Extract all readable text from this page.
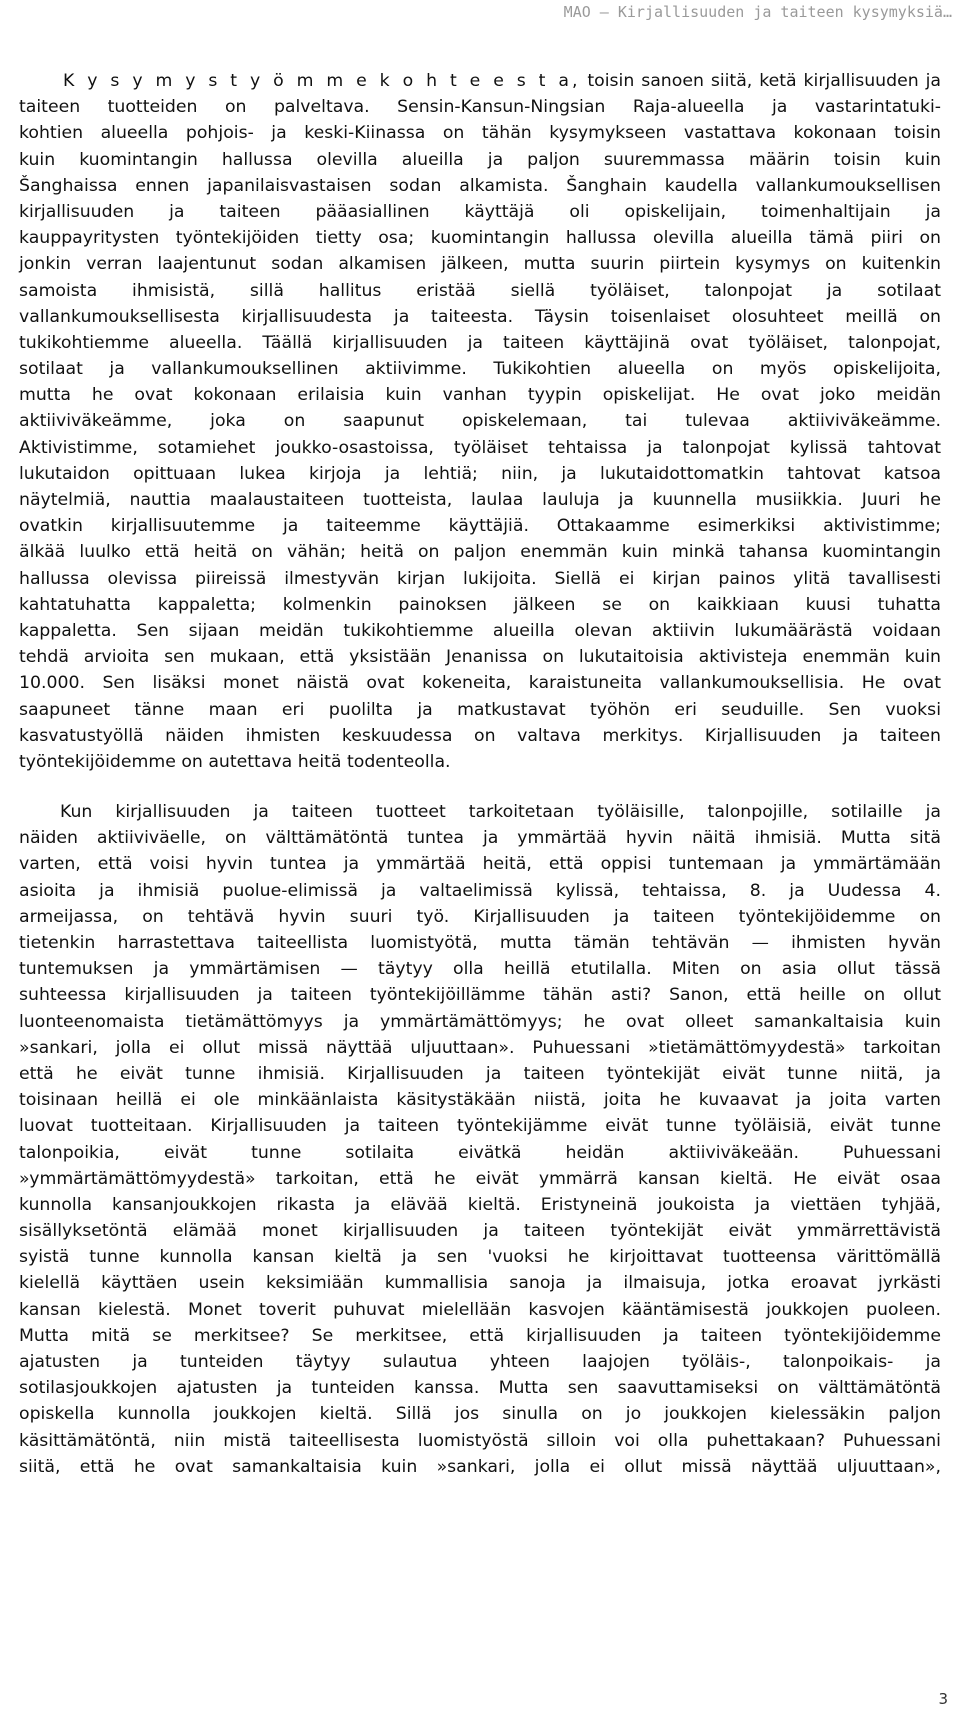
MAO – Kirjallisuuden ja taiteen kysymyksiä…
K y s y m y s t y ö m m e k o h t e e s t a, toisin sanoen siitä, ketä kirjallisuuden ja
taiteen tuotteiden on palveltava. Sensin-Kansun-Ningsian Raja-alueella ja vastarintatuki-
kohtien alueella pohjois- ja keski-Kiinassa on tähän kysymykseen vastattava kokonaan toisin
kuin kuomintangin hallussa olevilla alueilla ja paljon suuremmassa määrin toisin kuin
Šanghaissa ennen japanilaisvastaisen sodan alkamista. Šanghain kaudella vallankumouksellisen
kirjallisuuden ja taiteen pääasiallinen käyttäjä oli opiskelijain, toimenhaltijain ja
kauppayritysten työntekijöiden tietty osa; kuomintangin hallussa olevilla alueilla tämä piiri on
jonkin verran laajentunut sodan alkamisen jälkeen, mutta suurin piirtein kysymys on kuitenkin
samoista ihmisistä, sillä hallitus eristää siellä työläiset, talonpojat ja sotilaat
vallankumouksellisesta kirjallisuudesta ja taiteesta. Täysin toisenlaiset olosuhteet meillä on
tukikohtiemme alueella. Täällä kirjallisuuden ja taiteen käyttäjinä ovat työläiset, talonpojat,
sotilaat ja vallankumouksellinen aktiivimme. Tukikohtien alueella on myös opiskelijoita,
mutta he ovat kokonaan erilaisia kuin vanhan tyypin opiskelijat. He ovat joko meidän
aktiiviväkeämme, joka on saapunut opiskelemaan, tai tulevaa aktiiviväkeämme.
Aktivistimme, sotamiehet joukko-osastoissa, työläiset tehtaissa ja talonpojat kylissä tahtovat
lukutaidon opittuaan lukea kirjoja ja lehtiä; niin, ja lukutaidottomatkin tahtovat katsoa
näytelmiä, nauttia maalaustaiteen tuotteista, laulaa lauluja ja kuunnella musiikkia. Juuri he
ovatkin kirjallisuutemme ja taiteemme käyttäjiä. Ottakaamme esimerkiksi aktivistimme;
älkää luulko että heitä on vähän; heitä on paljon enemmän kuin minkä tahansa kuomintangin
hallussa olevissa piireissä ilmestyvän kirjan lukijoita. Siellä ei kirjan painos ylitä tavallisesti
kahtatuhatta kappaletta; kolmenkin painoksen jälkeen se on kaikkiaan kuusi tuhatta
kappaletta. Sen sijaan meidän tukikohtiemme alueilla olevan aktiivin lukumäärästä voidaan
tehdä arvioita sen mukaan, että yksistään Jenanissa on lukutaitoisia aktivisteja enemmän kuin
10.000. Sen lisäksi monet näistä ovat kokeneita, karaistuneita vallankumouksellisia. He ovat
saapuneet tänne maan eri puolilta ja matkustavat työhön eri seuduille. Sen vuoksi
kasvatustyöllä näiden ihmisten keskuudessa on valtava merkitys. Kirjallisuuden ja taiteen
työntekijöidemme on autettava heitä todenteolla.
Kun kirjallisuuden ja taiteen tuotteet tarkoitetaan työläisille, talonpojille, sotilaille ja
näiden aktiiviväelle, on välttämätöntä tuntea ja ymmärtää hyvin näitä ihmisiä. Mutta sitä
varten, että voisi hyvin tuntea ja ymmärtää heitä, että oppisi tuntemaan ja ymmärtämään
asioita ja ihmisiä puolue-elimissä ja valtaelimissä kylissä, tehtaissa, 8. ja Uudessa 4.
armeijassa, on tehtävä hyvin suuri työ. Kirjallisuuden ja taiteen työntekijöidemme on
tietenkin harrastettava taiteellista luomistyötä, mutta tämän tehtävän — ihmisten hyvän
tuntemuksen ja ymmärtämisen — täytyy olla heillä etutilalla. Miten on asia ollut tässä
suhteessa kirjallisuuden ja taiteen työntekijöillämme tähän asti? Sanon, että heille on ollut
luonteenomaista tietämättömyys ja ymmärtämättömyys; he ovat olleet samankaltaisia kuin
»sankari, jolla ei ollut missä näyttää uljuuttaan». Puhuessani »tietämättömyydestä» tarkoitan
että he eivät tunne ihmisiä. Kirjallisuuden ja taiteen työntekijät eivät tunne niitä, ja
toisinaan heillä ei ole minkäänlaista käsitystäkään niistä, joita he kuvaavat ja joita varten
luovat tuotteitaan. Kirjallisuuden ja taiteen työntekijämme eivät tunne työläisiä, eivät tunne
talonpoikia, eivät tunne sotilaita eivätkä heidän aktiiviväkeään. Puhuessani
»ymmärtämättömyydestä» tarkoitan, että he eivät ymmärrä kansan kieltä. He eivät osaa
kunnolla kansanjoukkojen rikasta ja elävää kieltä. Eristyneinä joukoista ja viettäen tyhjää,
sisällyksetöntä elämää monet kirjallisuuden ja taiteen työntekijät eivät ymmärrettävistä
syistä tunne kunnolla kansan kieltä ja sen 'vuoksi he kirjoittavat tuotteensa värittömällä
kielellä käyttäen usein keksimiään kummallisia sanoja ja ilmaisuja, jotka eroavat jyrkästi
kansan kielestä. Monet toverit puhuvat mielellään kasvojen kääntämisestä joukkojen puoleen.
Mutta mitä se merkitsee? Se merkitsee, että kirjallisuuden ja taiteen työntekijöidemme
ajatusten ja tunteiden täytyy sulautua yhteen laajojen työläis-, talonpoikais- ja
sotilasjoukkojen ajatusten ja tunteiden kanssa. Mutta sen saavuttamiseksi on välttämätöntä
opiskella kunnolla joukkojen kieltä. Sillä jos sinulla on jo joukkojen kielessäkin paljon
käsittämätöntä, niin mistä taiteellisesta luomistyöstä silloin voi olla puhettakaan? Puhuessani
siitä, että he ovat samankaltaisia kuin »sankari, jolla ei ollut missä näyttää uljuuttaan»,
3
